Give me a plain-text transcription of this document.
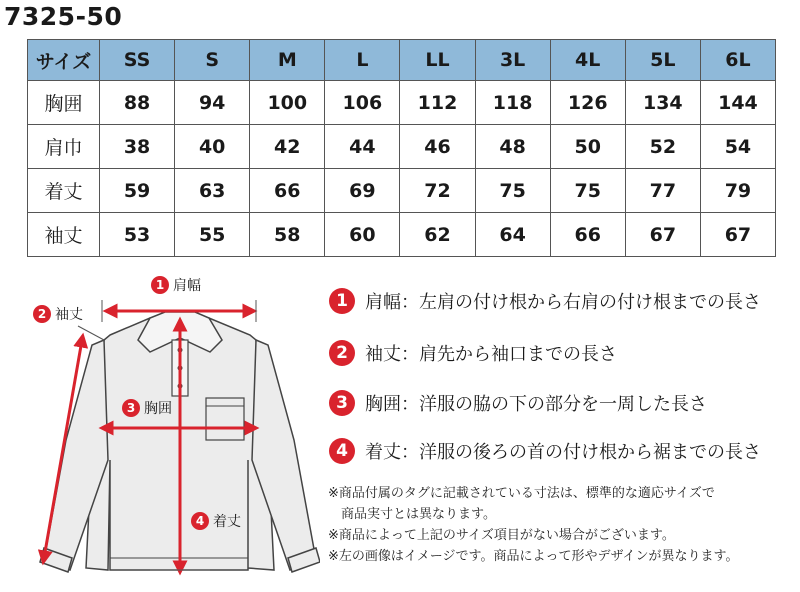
7325-50
サイズ	SS	S	M	L	LL	3L	4L	5L	6L
胸囲	88	94	100	106	112	118	126	134	144
肩巾	38	40	42	44	46	48	50	52	54
着丈	59	63	66	69	72	75	75	77	79
袖丈	53	55	58	60	62	64	66	67	67
1 肩幅
2 袖丈
3 胸囲
4 着丈
1 肩幅：左肩の付け根から右肩の付け根までの長さ
2 袖丈：肩先から袖口までの長さ
3 胸囲：洋服の脇の下の部分を一周した長さ
4 着丈：洋服の後ろの首の付け根から裾までの長さ
※商品付属のタグに記載されている寸法は、標準的な適応サイズで
商品実寸とは異なります。
※商品によって上記のサイズ項目がない場合がございます。
※左の画像はイメージです。商品によって形やデザインが異なります。
